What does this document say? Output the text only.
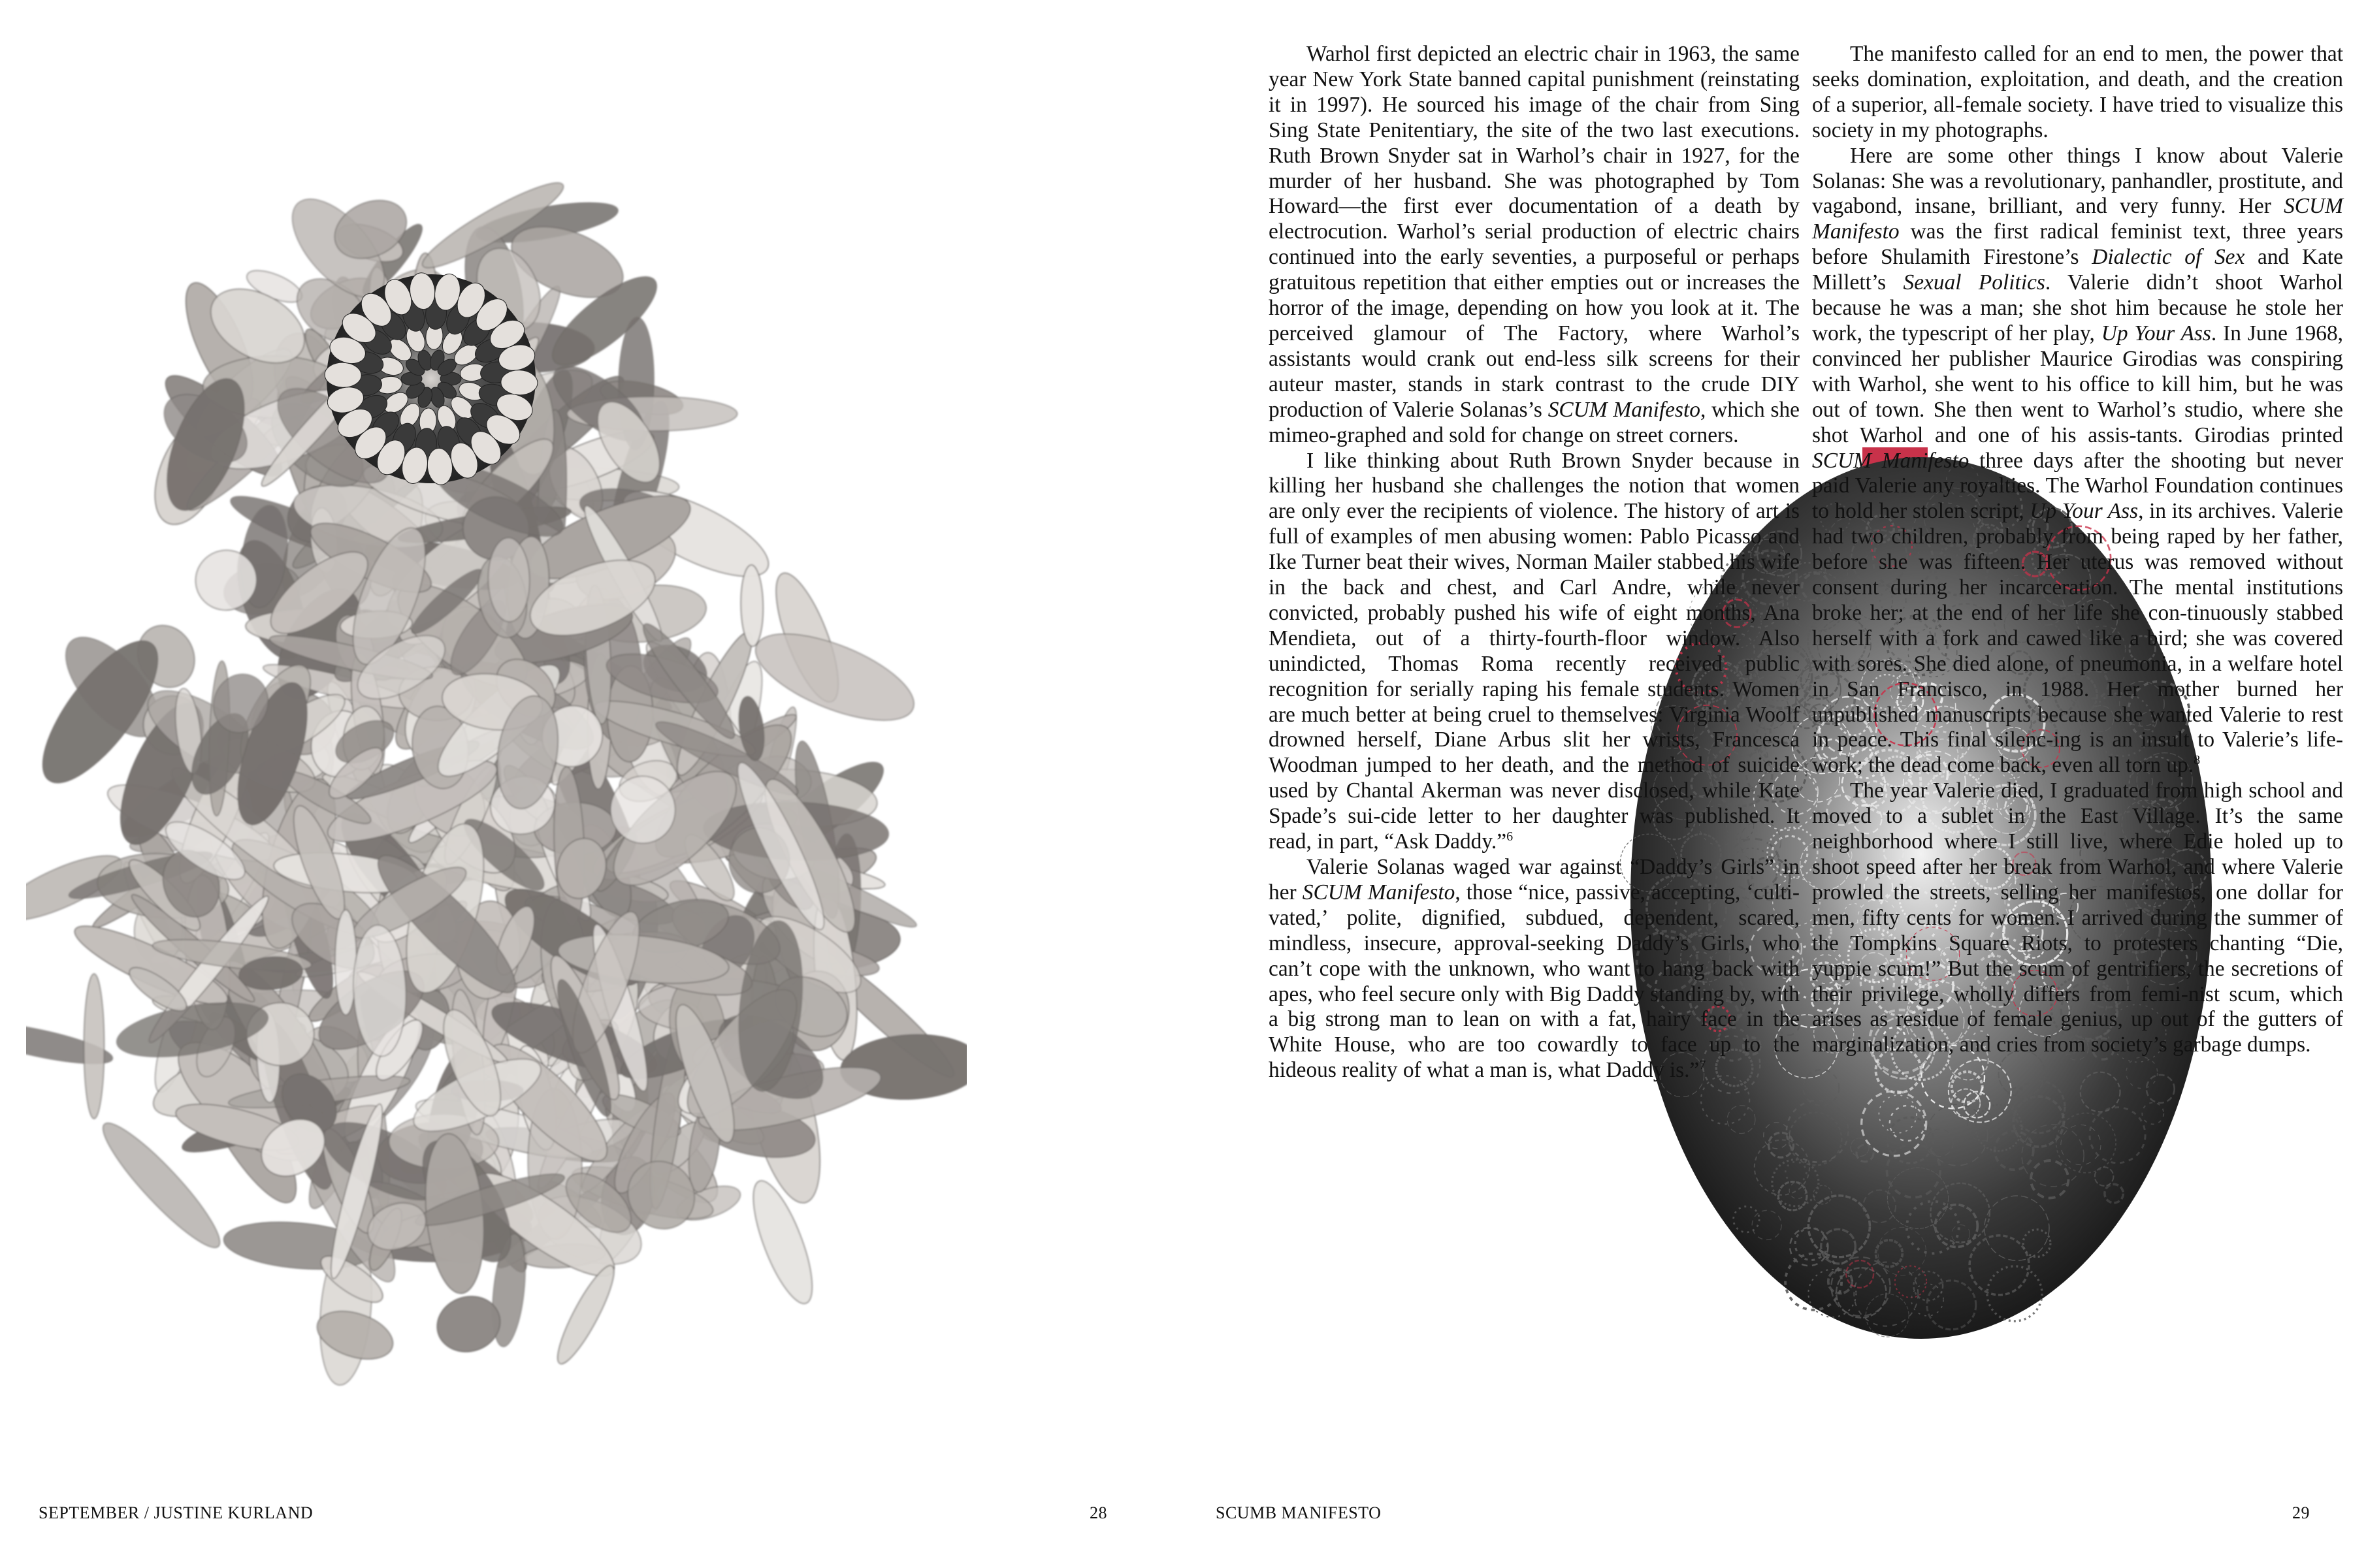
SEPTEMBER / JUSTINE KURLAND	28

Warhol first depicted an electric chair in 1963, the same year New York State banned capital punishment (reinstating it in 1997). He sourced his image of the chair from Sing Sing State Penitentiary, the site of the two last executions. Ruth Brown Snyder sat in Warhol’s chair in 1927, for the murder of her husband. She was photographed by Tom Howard—the first ever documentation of a death by electrocution. Warhol’s serial production of electric chairs continued into the early seventies, a purposeful or perhaps gratuitous repetition that either empties out or increases the horror of the image, depending on how you look at it. The perceived glamour of The Factory, where Warhol’s assistants would crank out end-less silk screens for their auteur master, stands in stark contrast to the crude DIY production of Valerie Solanas’s SCUM Manifesto, which she mimeo-graphed and sold for change on street corners.

I like thinking about Ruth Brown Snyder because in killing her husband she challenges the notion that women are only ever the recipients of violence. The history of art is full of examples of men abusing women: Pablo Picasso and Ike Turner beat their wives, Norman Mailer stabbed his wife in the back and chest, and Carl Andre, while never convicted, probably pushed his wife of eight months, Ana Mendieta, out of a thirty-fourth-floor window. Also unindicted, Thomas Roma recently received public recognition for serially raping his female students. Women are much better at being cruel to themselves: Virginia Woolf drowned herself, Diane Arbus slit her wrists, Francesca Woodman jumped to her death, and the method of suicide used by Chantal Akerman was never disclosed, while Kate Spade’s sui-cide letter to her daughter was published. It read, in part, “Ask Daddy.”$^6$

Valerie Solanas waged war against “Daddy’s Girls” in her SCUM Manifesto, those “nice, passive, accepting, ‘culti-vated,’ polite, dignified, subdued, dependent, scared, mindless, insecure, approval-seeking Daddy’s Girls, who can’t cope with the unknown, who want to hang back with apes, who feel secure only with Big Daddy standing by, with a big strong man to lean on with a fat, hairy face in the White House, who are too cowardly to face up to the hideous reality of what a man is, what Daddy is.”$^7$

The manifesto called for an end to men, the power that seeks domination, exploitation, and death, and the creation of a superior, all-female society. I have tried to visualize this society in my photographs.

Here are some other things I know about Valerie Solanas: She was a revolutionary, panhandler, prostitute, and vagabond, insane, brilliant, and very funny. Her SCUM Manifesto was the first radical feminist text, three years before Shulamith Firestone’s Dialectic of Sex and Kate Millett’s Sexual Politics. Valerie didn’t shoot Warhol because he was a man; she shot him because he stole her work, the typescript of her play, Up Your Ass. In June 1968, convinced her publisher Maurice Girodias was conspiring with Warhol, she went to his office to kill him, but he was out of town. She then went to Warhol’s studio, where she shot Warhol and one of his assis-tants. Girodias printed SCUM Manifesto three days after the shooting but never paid Valerie any royalties. The Warhol Foundation continues to hold her stolen script, Up Your Ass, in its archives. Valerie had two children, probably from being raped by her father, before she was fifteen. Her uterus was removed without consent during her incarceration. The mental institutions broke her; at the end of her life she con-tinuously stabbed herself with a fork and cawed like a bird; she was covered with sores. She died alone, of pneumonia, in a welfare hotel in San Francisco, in 1988. Her mother burned her unpublished manuscripts because she wanted Valerie to rest in peace. This final silenc-ing is an insult to Valerie’s life-work; the dead come back, even all torn up.$^8$

The year Valerie died, I graduated from high school and moved to a sublet in the East Village. It’s the same neighborhood where I still live, where Edie holed up to shoot speed after her break from Warhol, and where Valerie prowled the streets, selling her manifestos, one dollar for men, fifty cents for women. I arrived during the summer of the Tompkins Square Riots, to protesters chanting “Die, yuppie scum!” But the scum of gentrifiers, the secretions of their privilege, wholly differs from femi-nist scum, which arises as residue of female genius, up out of the gutters of marginalization, and cries from society’s garbage dumps.

SCUMB MANIFESTO	29
